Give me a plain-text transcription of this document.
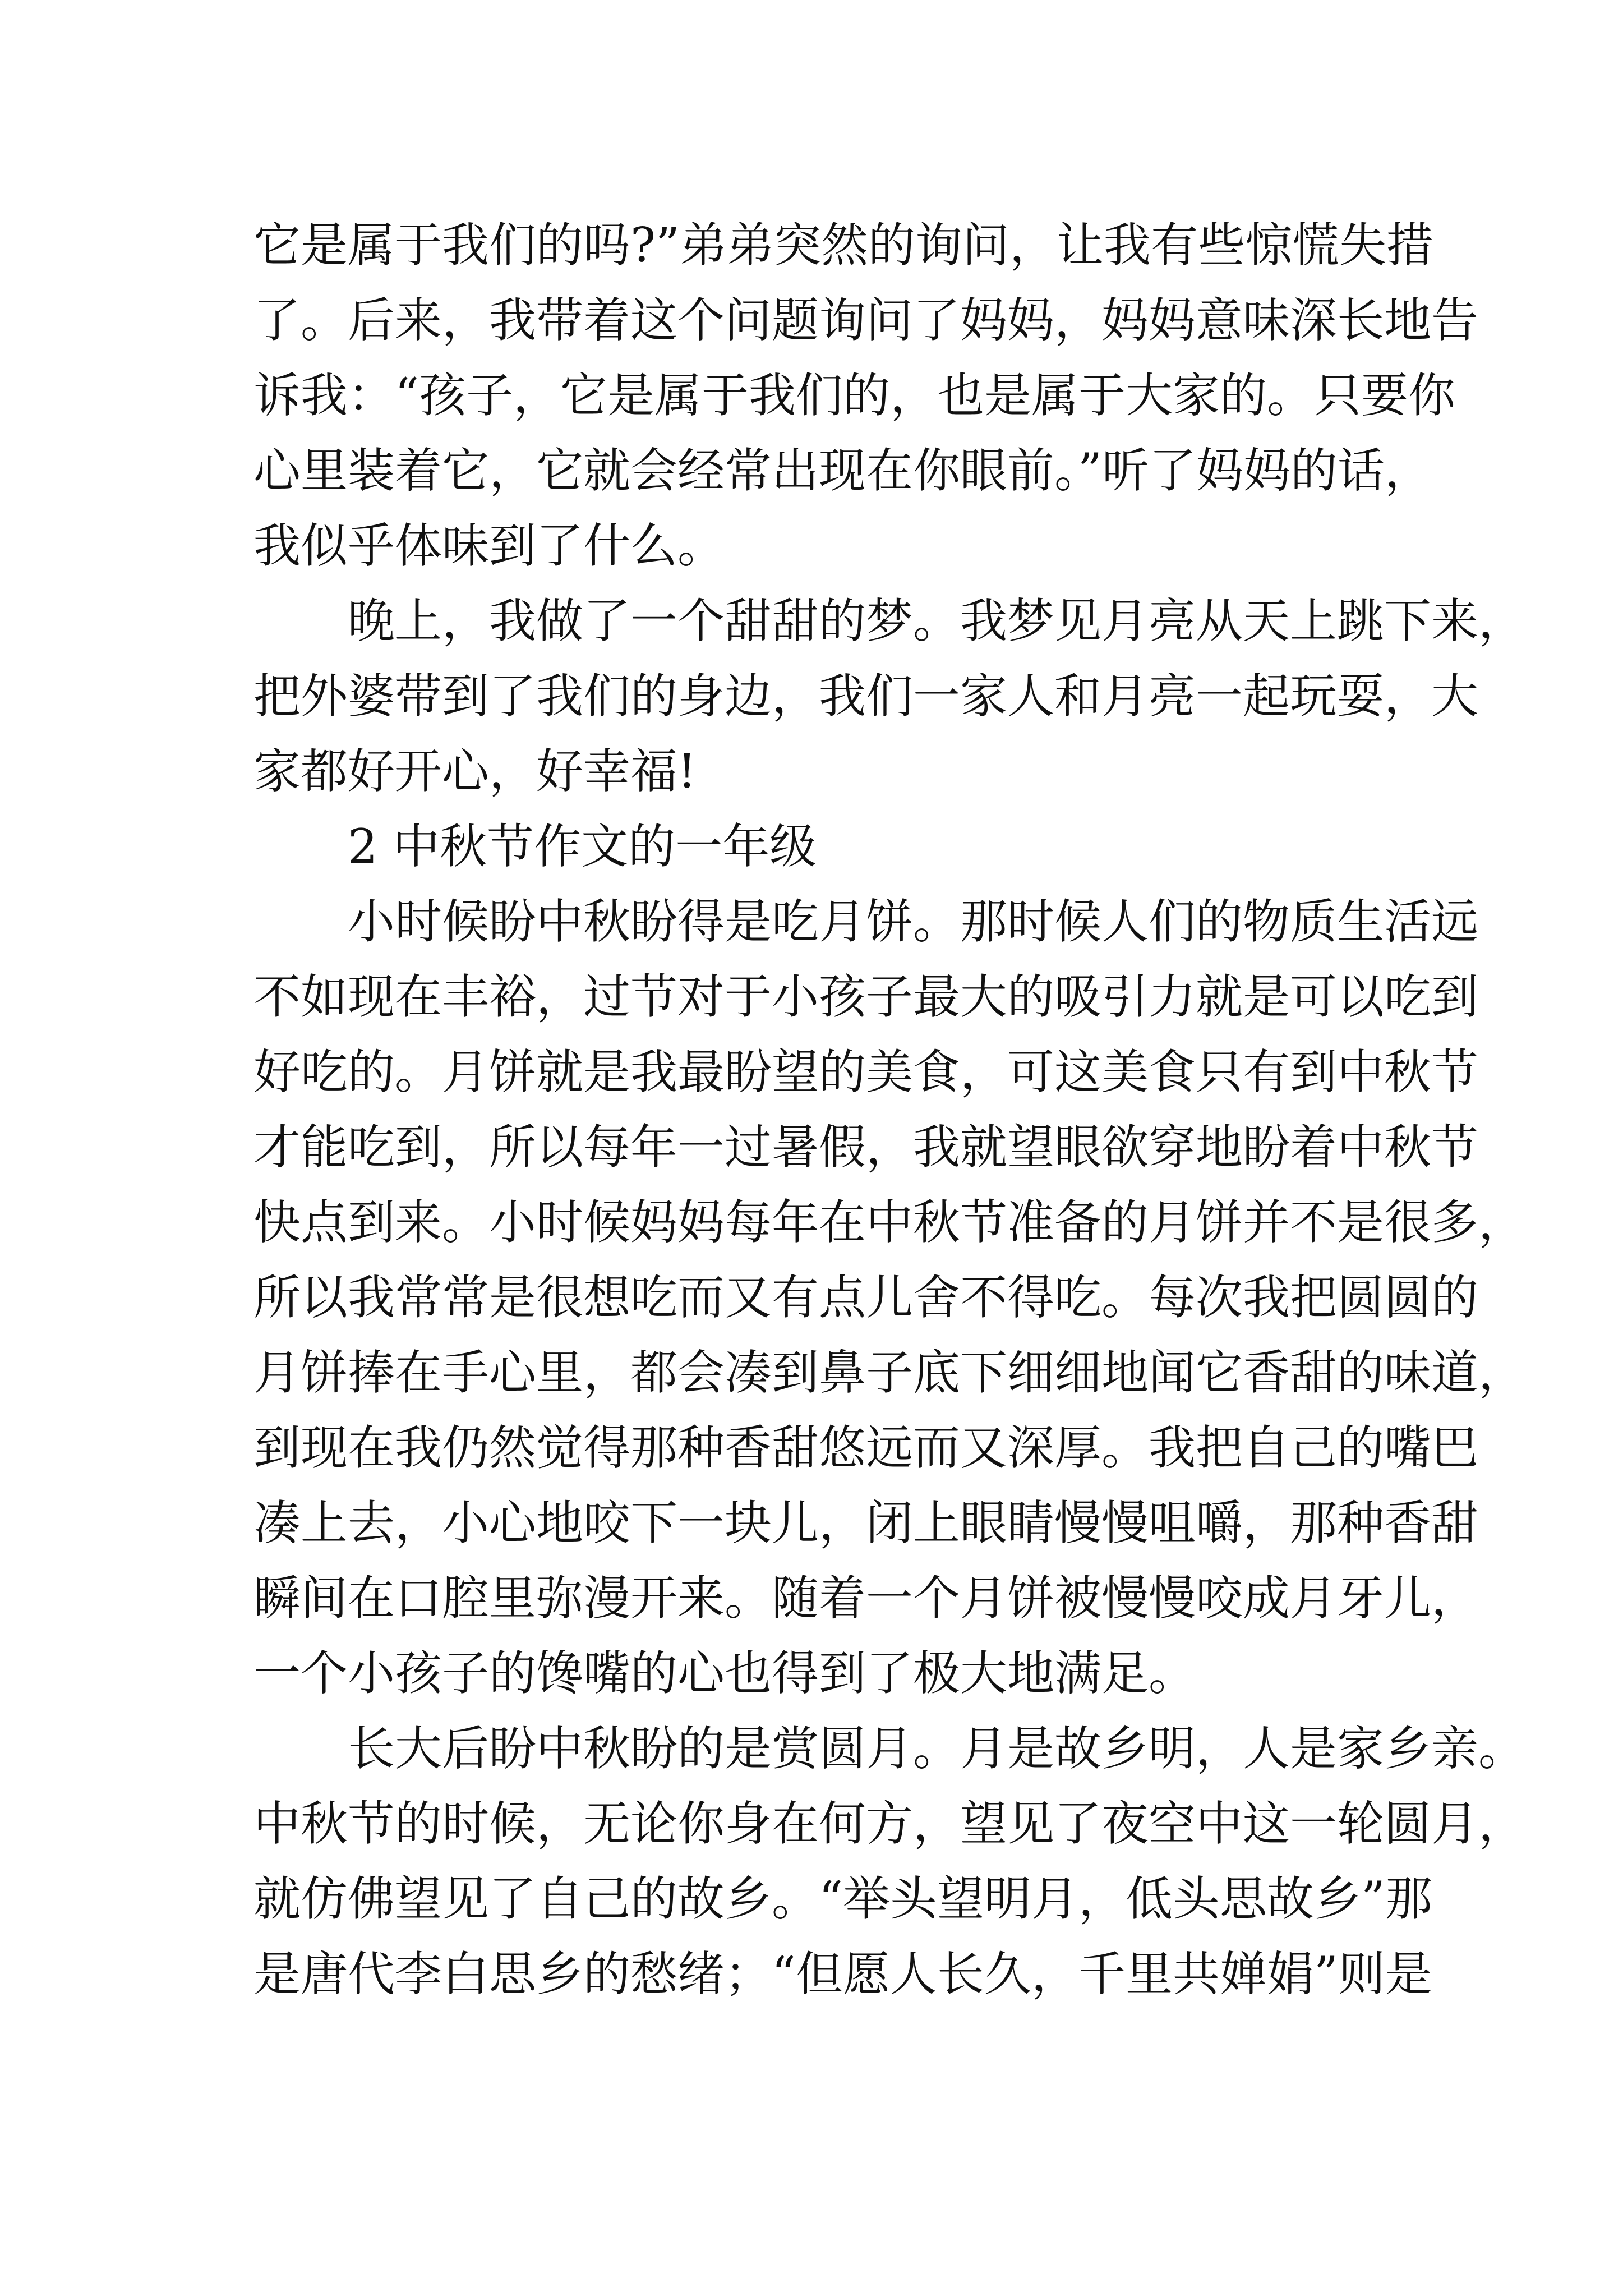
它是属于我们的吗?”弟弟突然的询问，让我有些惊慌失措
了。后来，我带着这个问题询问了妈妈，妈妈意味深长地告
诉我：“孩子，它是属于我们的，也是属于大家的。只要你
心里装着它，它就会经常出现在你眼前。”听了妈妈的话，
我似乎体味到了什么。
　　晚上，我做了一个甜甜的梦。我梦见月亮从天上跳下来，
把外婆带到了我们的身边，我们一家人和月亮一起玩耍，大
家都好开心，好幸福!
　　2 中秋节作文的一年级
　　小时候盼中秋盼得是吃月饼。那时候人们的物质生活远
不如现在丰裕，过节对于小孩子最大的吸引力就是可以吃到
好吃的。月饼就是我最盼望的美食，可这美食只有到中秋节
才能吃到，所以每年一过暑假，我就望眼欲穿地盼着中秋节
快点到来。小时候妈妈每年在中秋节准备的月饼并不是很多，
所以我常常是很想吃而又有点儿舍不得吃。每次我把圆圆的
月饼捧在手心里，都会凑到鼻子底下细细地闻它香甜的味道，
到现在我仍然觉得那种香甜悠远而又深厚。我把自己的嘴巴
凑上去，小心地咬下一块儿，闭上眼睛慢慢咀嚼，那种香甜
瞬间在口腔里弥漫开来。随着一个月饼被慢慢咬成月牙儿，
一个小孩子的馋嘴的心也得到了极大地满足。
　　长大后盼中秋盼的是赏圆月。月是故乡明，人是家乡亲。
中秋节的时候，无论你身在何方，望见了夜空中这一轮圆月，
就仿佛望见了自己的故乡。“举头望明月，低头思故乡”那
是唐代李白思乡的愁绪；“但愿人长久，千里共婵娟”则是
